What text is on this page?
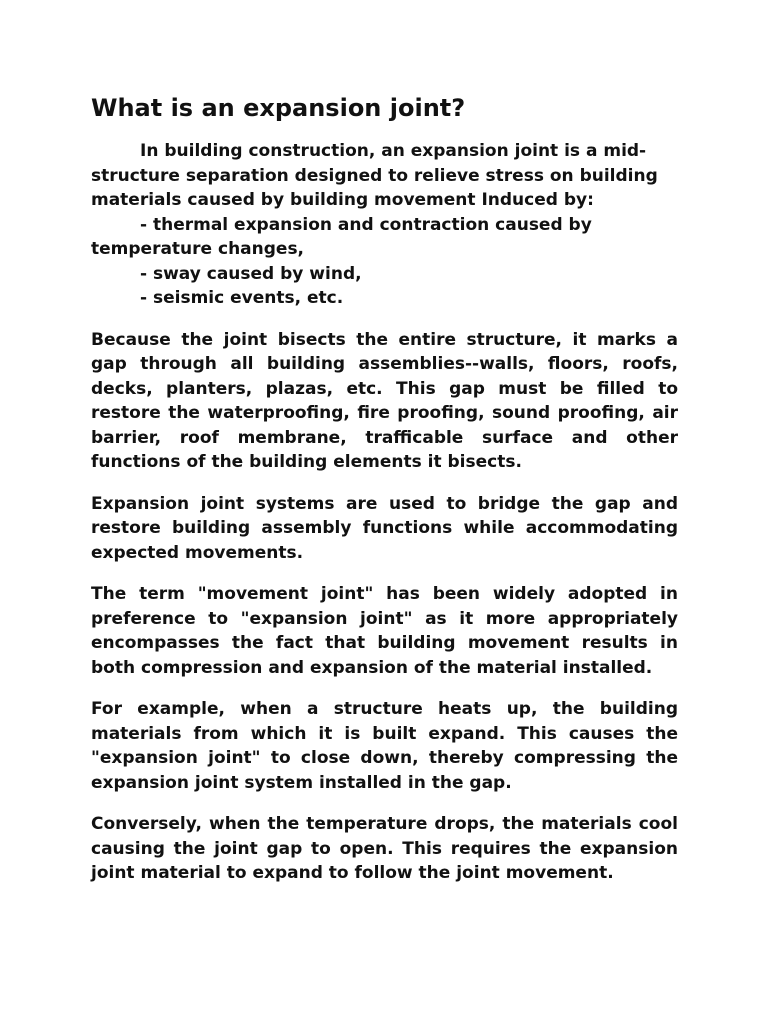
What is an expansion joint?

In building construction, an expansion joint is a mid-structure separation designed to relieve stress on building materials caused by building movement Induced by:
- thermal expansion and contraction caused by temperature changes,
- sway caused by wind,
- seismic events, etc.

Because the joint bisects the entire structure, it marks a gap through all building assemblies--walls, floors, roofs, decks, planters, plazas, etc. This gap must be filled to restore the waterproofing, fire proofing, sound proofing, air barrier, roof membrane, trafficable surface and other functions of the building elements it bisects.

Expansion joint systems are used to bridge the gap and restore building assembly functions while accommodating expected movements.

The term "movement joint" has been widely adopted in preference to "expansion joint" as it more appropriately encompasses the fact that building movement results in both compression and expansion of the material installed.

For example, when a structure heats up, the building materials from which it is built expand. This causes the "expansion joint" to close down, thereby compressing the expansion joint system installed in the gap.

Conversely, when the temperature drops, the materials cool causing the joint gap to open. This requires the expansion joint material to expand to follow the joint movement.
